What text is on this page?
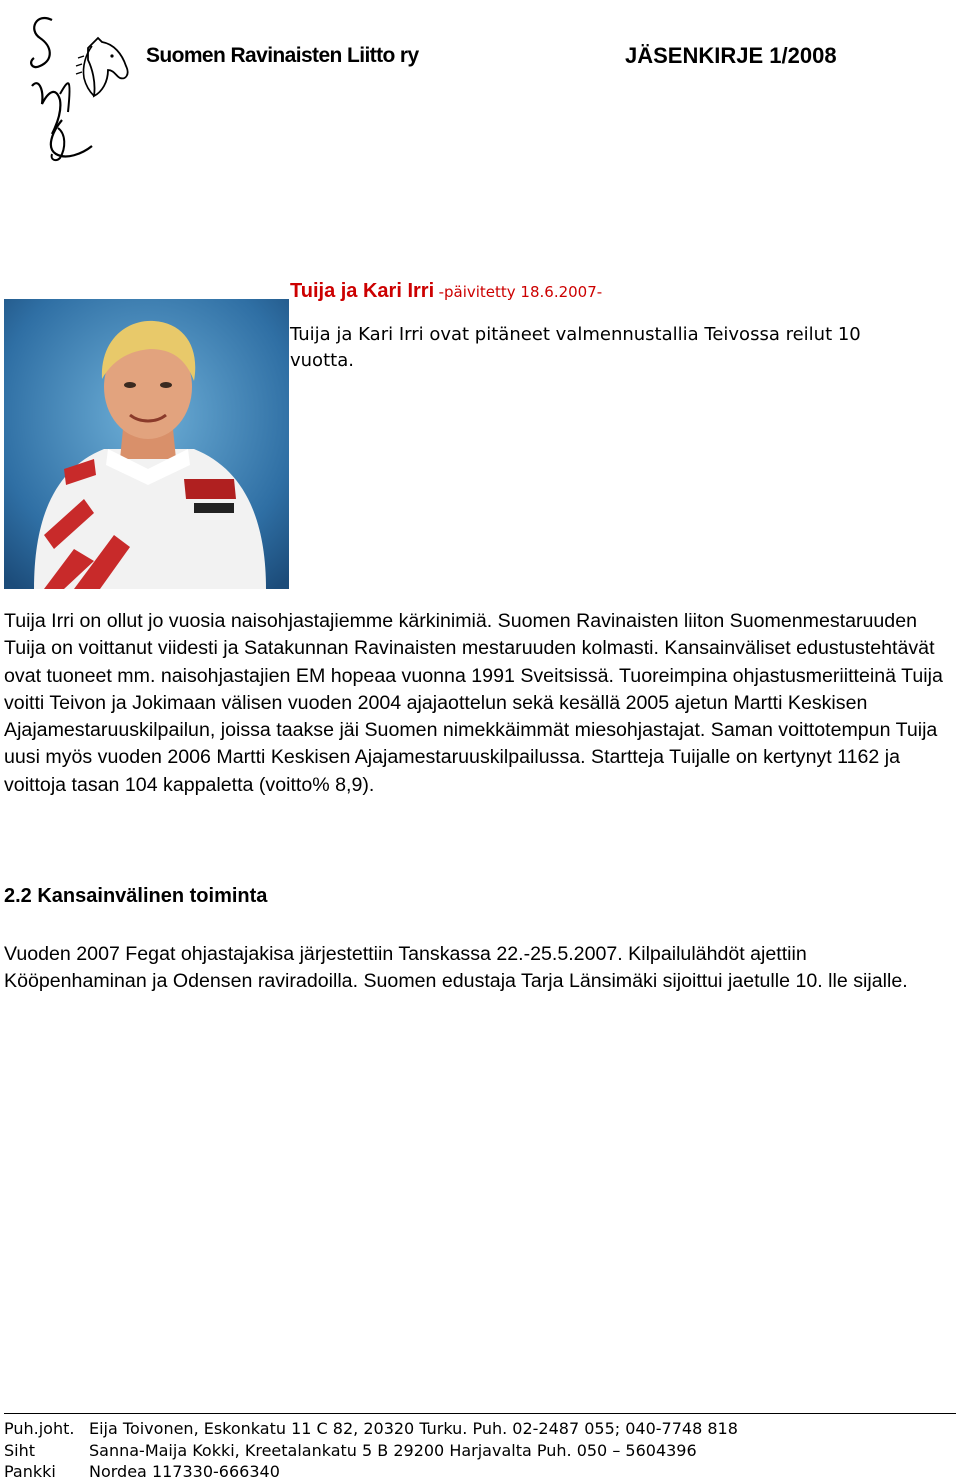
Suomen Ravinaisten Liitto ry	JÄSENKIRJE 1/2008
Tuija ja Kari Irri -päivitetty 18.6.2007-
Tuija ja Kari Irri ovat pitäneet valmennustallia Teivossa reilut 10 vuotta.
Tuija Irri on ollut jo vuosia naisohjastajiemme kärkinimiä. Suomen Ravinaisten liiton Suomenmestaruuden Tuija on voittanut viidesti ja Satakunnan Ravinaisten mestaruuden kolmasti. Kansainväliset edustustehtävät ovat tuoneet mm. naisohjastajien EM hopeaa vuonna 1991 Sveitsissä. Tuoreimpina ohjastusmeriitteinä Tuija voitti Teivon ja Jokimaan välisen vuoden 2004 ajajaottelun sekä kesällä 2005 ajetun Martti Keskisen Ajajamestaruuskilpailun, joissa taakse jäi Suomen nimekkäimmät miesohjastajat. Saman voittotempun Tuija uusi myös vuoden 2006 Martti Keskisen Ajajamestaruuskilpailussa. Startteja Tuijalle on kertynyt 1162 ja voittoja tasan 104 kappaletta (voitto% 8,9).
2.2 Kansainvälinen toiminta
Vuoden 2007 Fegat ohjastajakisa järjestettiin Tanskassa 22.-25.5.2007. Kilpailulähdöt ajettiin Kööpenhaminan ja Odensen raviradoilla. Suomen edustaja Tarja Länsimäki sijoittui jaetulle 10. lle sijalle.
Puh.joht. Eija Toivonen, Eskonkatu 11 C 82, 20320 Turku. Puh. 02-2487 055; 040-7748 818
Siht	Sanna-Maija Kokki, Kreetalankatu 5 B 29200 Harjavalta Puh. 050 – 5604396
Pankki	Nordea 117330-666340
